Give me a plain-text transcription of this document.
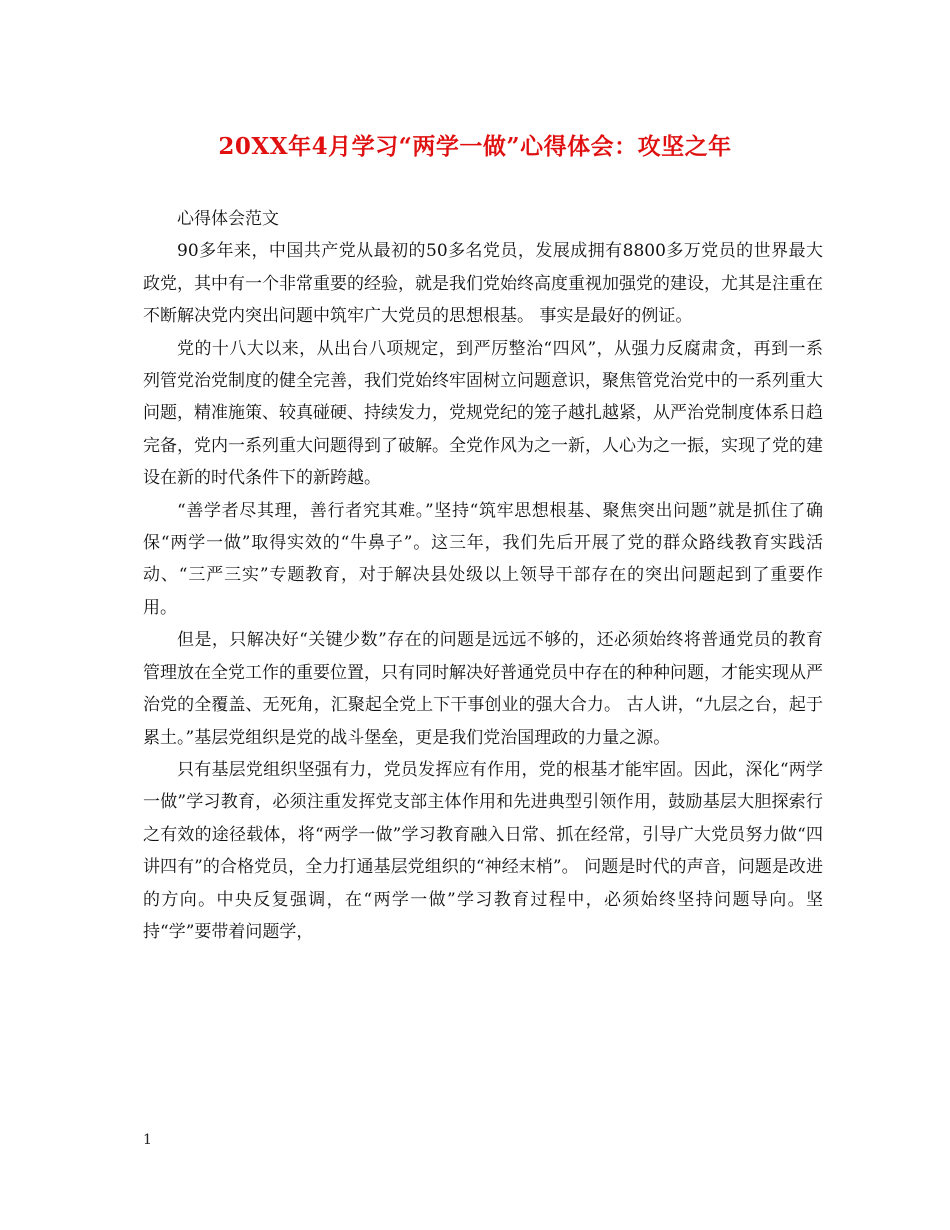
20XX年4月学习“两学一做”心得体会：攻坚之年

心得体会范文

90多年来，中国共产党从最初的50多名党员，发展成拥有8800多万党员的世界最大政党，其中有一个非常重要的经验，就是我们党始终高度重视加强党的建设，尤其是注重在不断解决党内突出问题中筑牢广大党员的思想根基。 事实是最好的例证。

党的十八大以来，从出台八项规定，到严厉整治“四风”，从强力反腐肃贪，再到一系列管党治党制度的健全完善，我们党始终牢固树立问题意识，聚焦管党治党中的一系列重大问题，精准施策、较真碰硬、持续发力，党规党纪的笼子越扎越紧，从严治党制度体系日趋完备，党内一系列重大问题得到了破解。全党作风为之一新，人心为之一振，实现了党的建设在新的时代条件下的新跨越。

“善学者尽其理，善行者究其难。”坚持“筑牢思想根基、聚焦突出问题”就是抓住了确保“两学一做”取得实效的“牛鼻子”。这三年，我们先后开展了党的群众路线教育实践活动、“三严三实”专题教育，对于解决县处级以上领导干部存在的突出问题起到了重要作用。

但是，只解决好“关键少数”存在的问题是远远不够的，还必须始终将普通党员的教育管理放在全党工作的重要位置，只有同时解决好普通党员中存在的种种问题，才能实现从严治党的全覆盖、无死角，汇聚起全党上下干事创业的强大合力。 古人讲，“九层之台，起于累土。”基层党组织是党的战斗堡垒，更是我们党治国理政的力量之源。

只有基层党组织坚强有力，党员发挥应有作用，党的根基才能牢固。因此，深化“两学一做”学习教育，必须注重发挥党支部主体作用和先进典型引领作用，鼓励基层大胆探索行之有效的途径载体，将“两学一做”学习教育融入日常、抓在经常，引导广大党员努力做“四讲四有”的合格党员，全力打通基层党组织的“神经末梢”。 问题是时代的声音，问题是改进的方向。中央反复强调，在“两学一做”学习教育过程中，必须始终坚持问题导向。坚持“学”要带着问题学，

1
